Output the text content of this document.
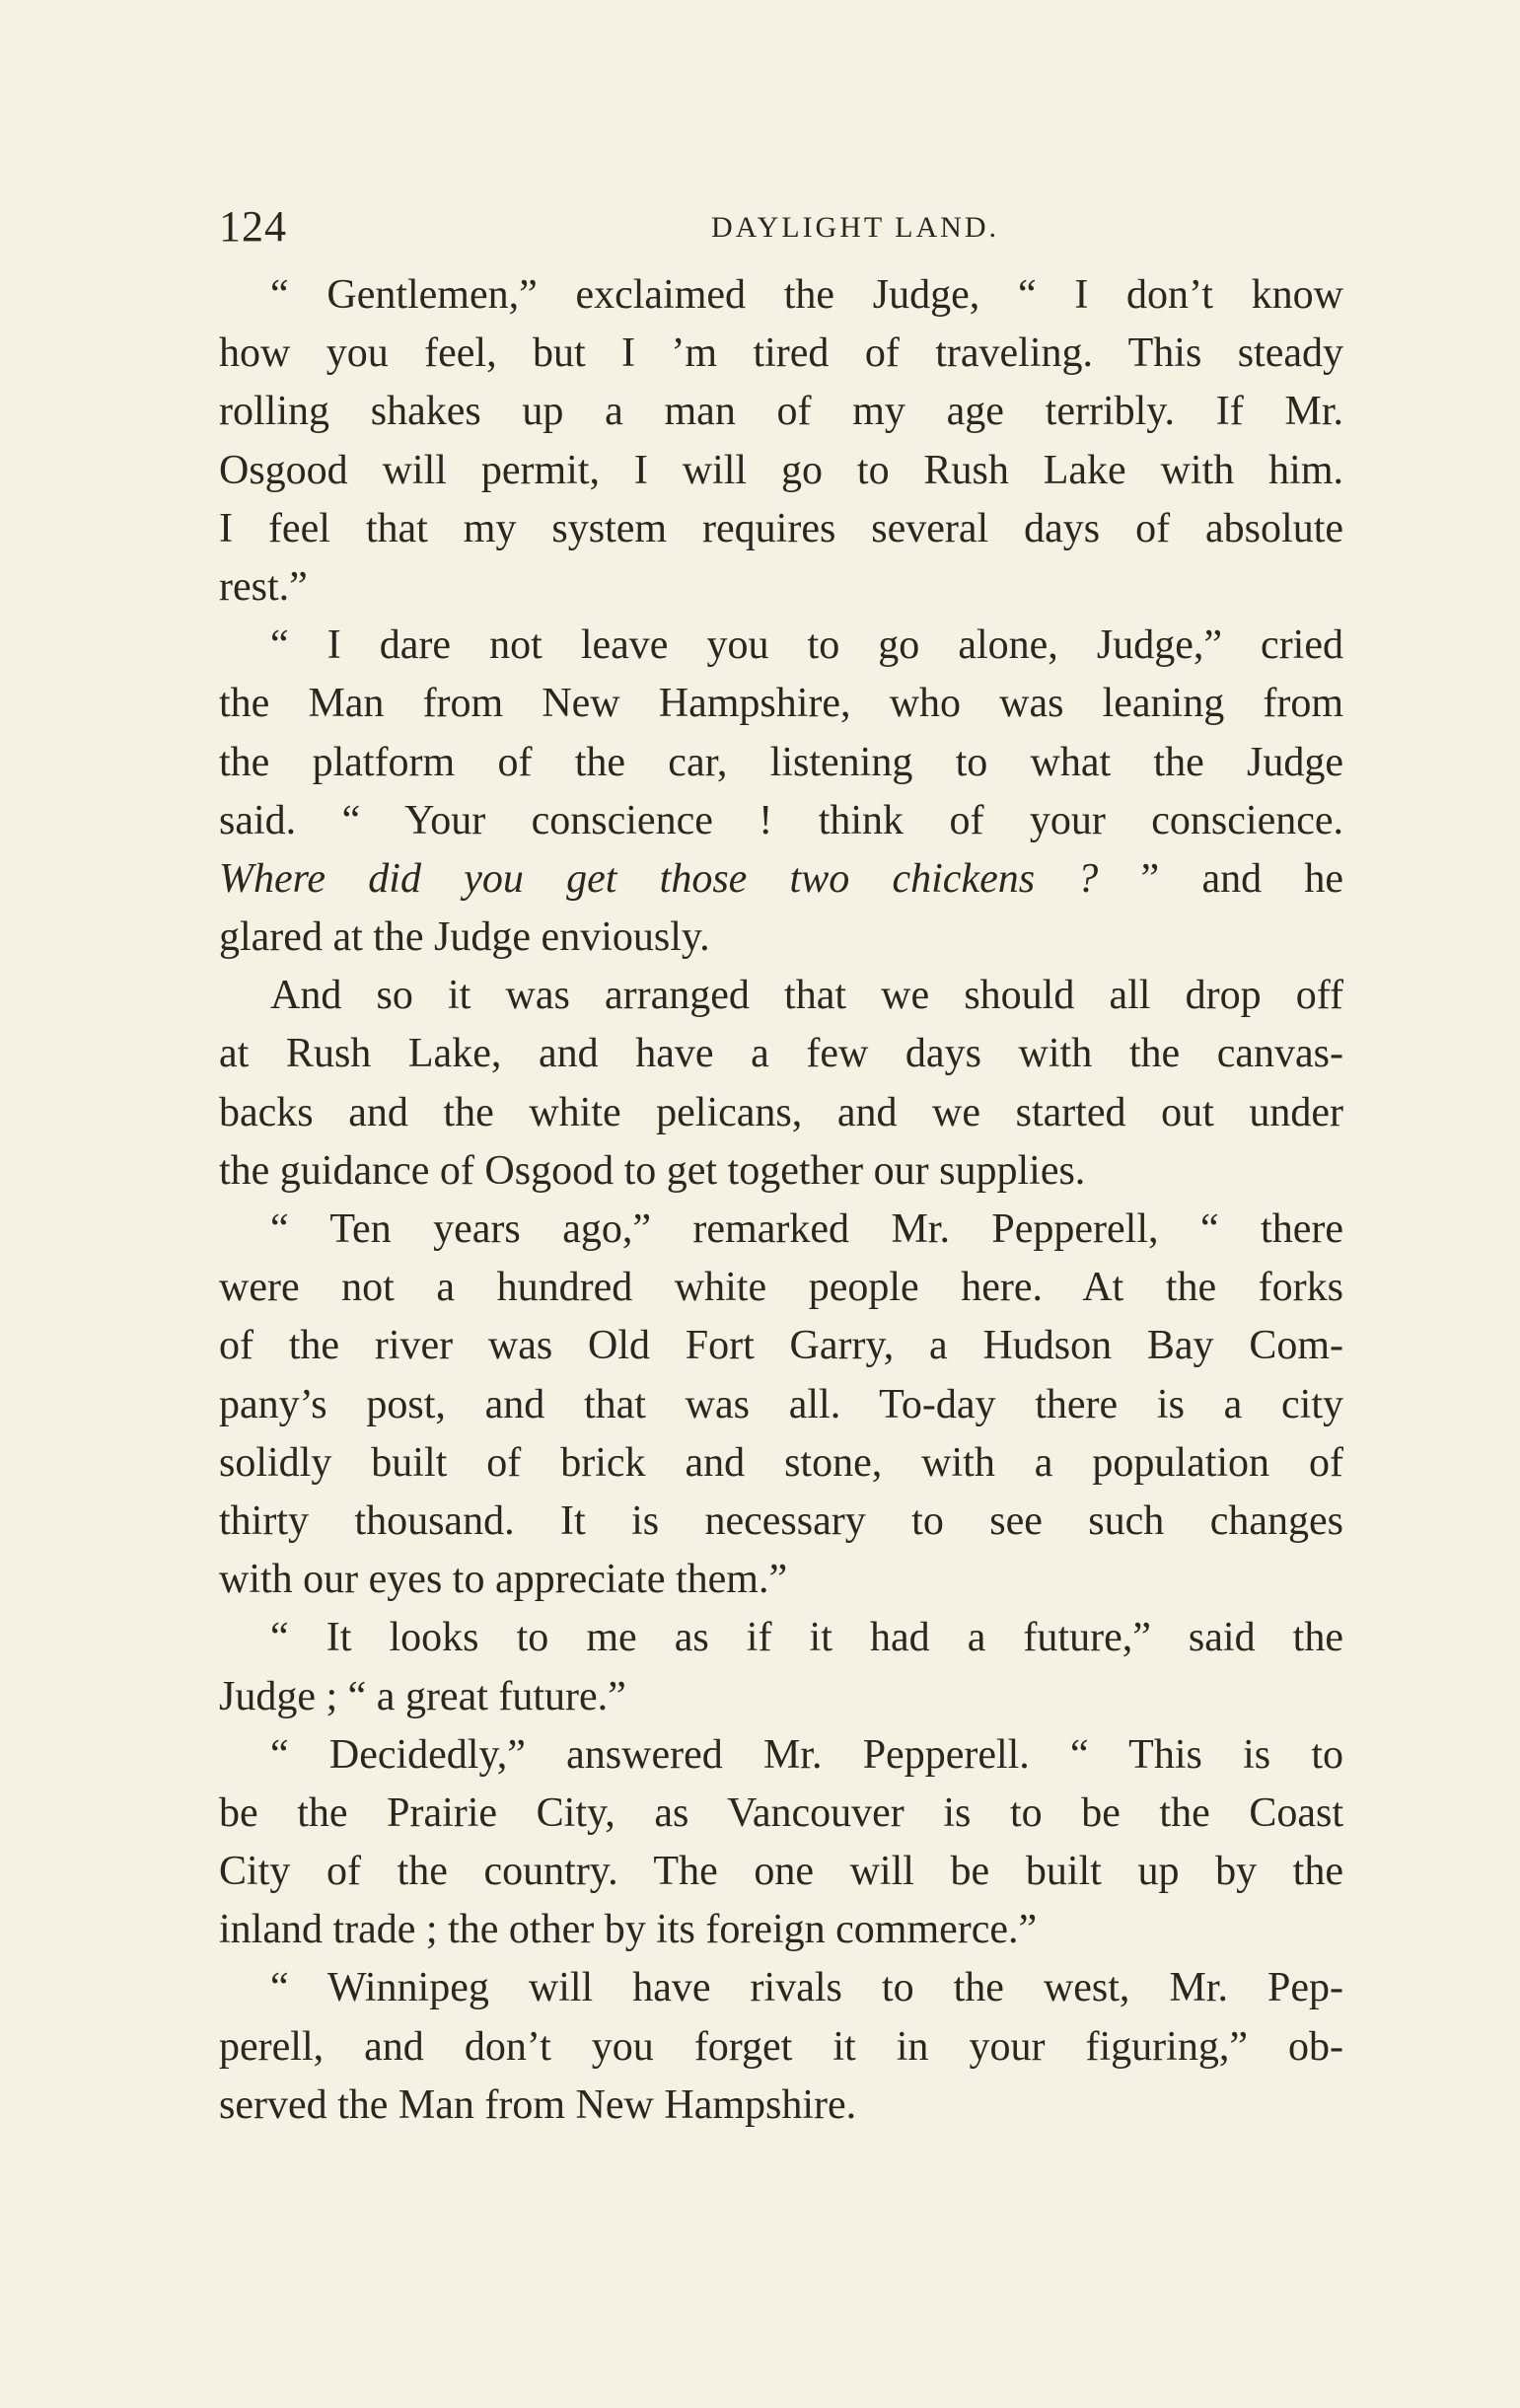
124	DAYLIGHT LAND.
“ Gentlemen,” exclaimed the Judge, “ I don’t know
how you feel, but I ’m tired of traveling. This steady
rolling shakes up a man of my age terribly. If Mr.
Osgood will permit, I will go to Rush Lake with him.
I feel that my system requires several days of absolute
rest.”
“ I dare not leave you to go alone, Judge,” cried
the Man from New Hampshire, who was leaning from
the platform of the car, listening to what the Judge
said. “ Your conscience ! think of your conscience.
Where did you get those two chickens ? ” and he
glared at the Judge enviously.
And so it was arranged that we should all drop off
at Rush Lake, and have a few days with the canvas-
backs and the white pelicans, and we started out under
the guidance of Osgood to get together our supplies.
“ Ten years ago,” remarked Mr. Pepperell, “ there
were not a hundred white people here. At the forks
of the river was Old Fort Garry, a Hudson Bay Com-
pany’s post, and that was all. To-day there is a city
solidly built of brick and stone, with a population of
thirty thousand. It is necessary to see such changes
with our eyes to appreciate them.”
“ It looks to me as if it had a future,” said the
Judge ; “ a great future.”
“ Decidedly,” answered Mr. Pepperell. “ This is to
be the Prairie City, as Vancouver is to be the Coast
City of the country. The one will be built up by the
inland trade ; the other by its foreign commerce.”
“ Winnipeg will have rivals to the west, Mr. Pep-
perell, and don’t you forget it in your figuring,” ob-
served the Man from New Hampshire.
